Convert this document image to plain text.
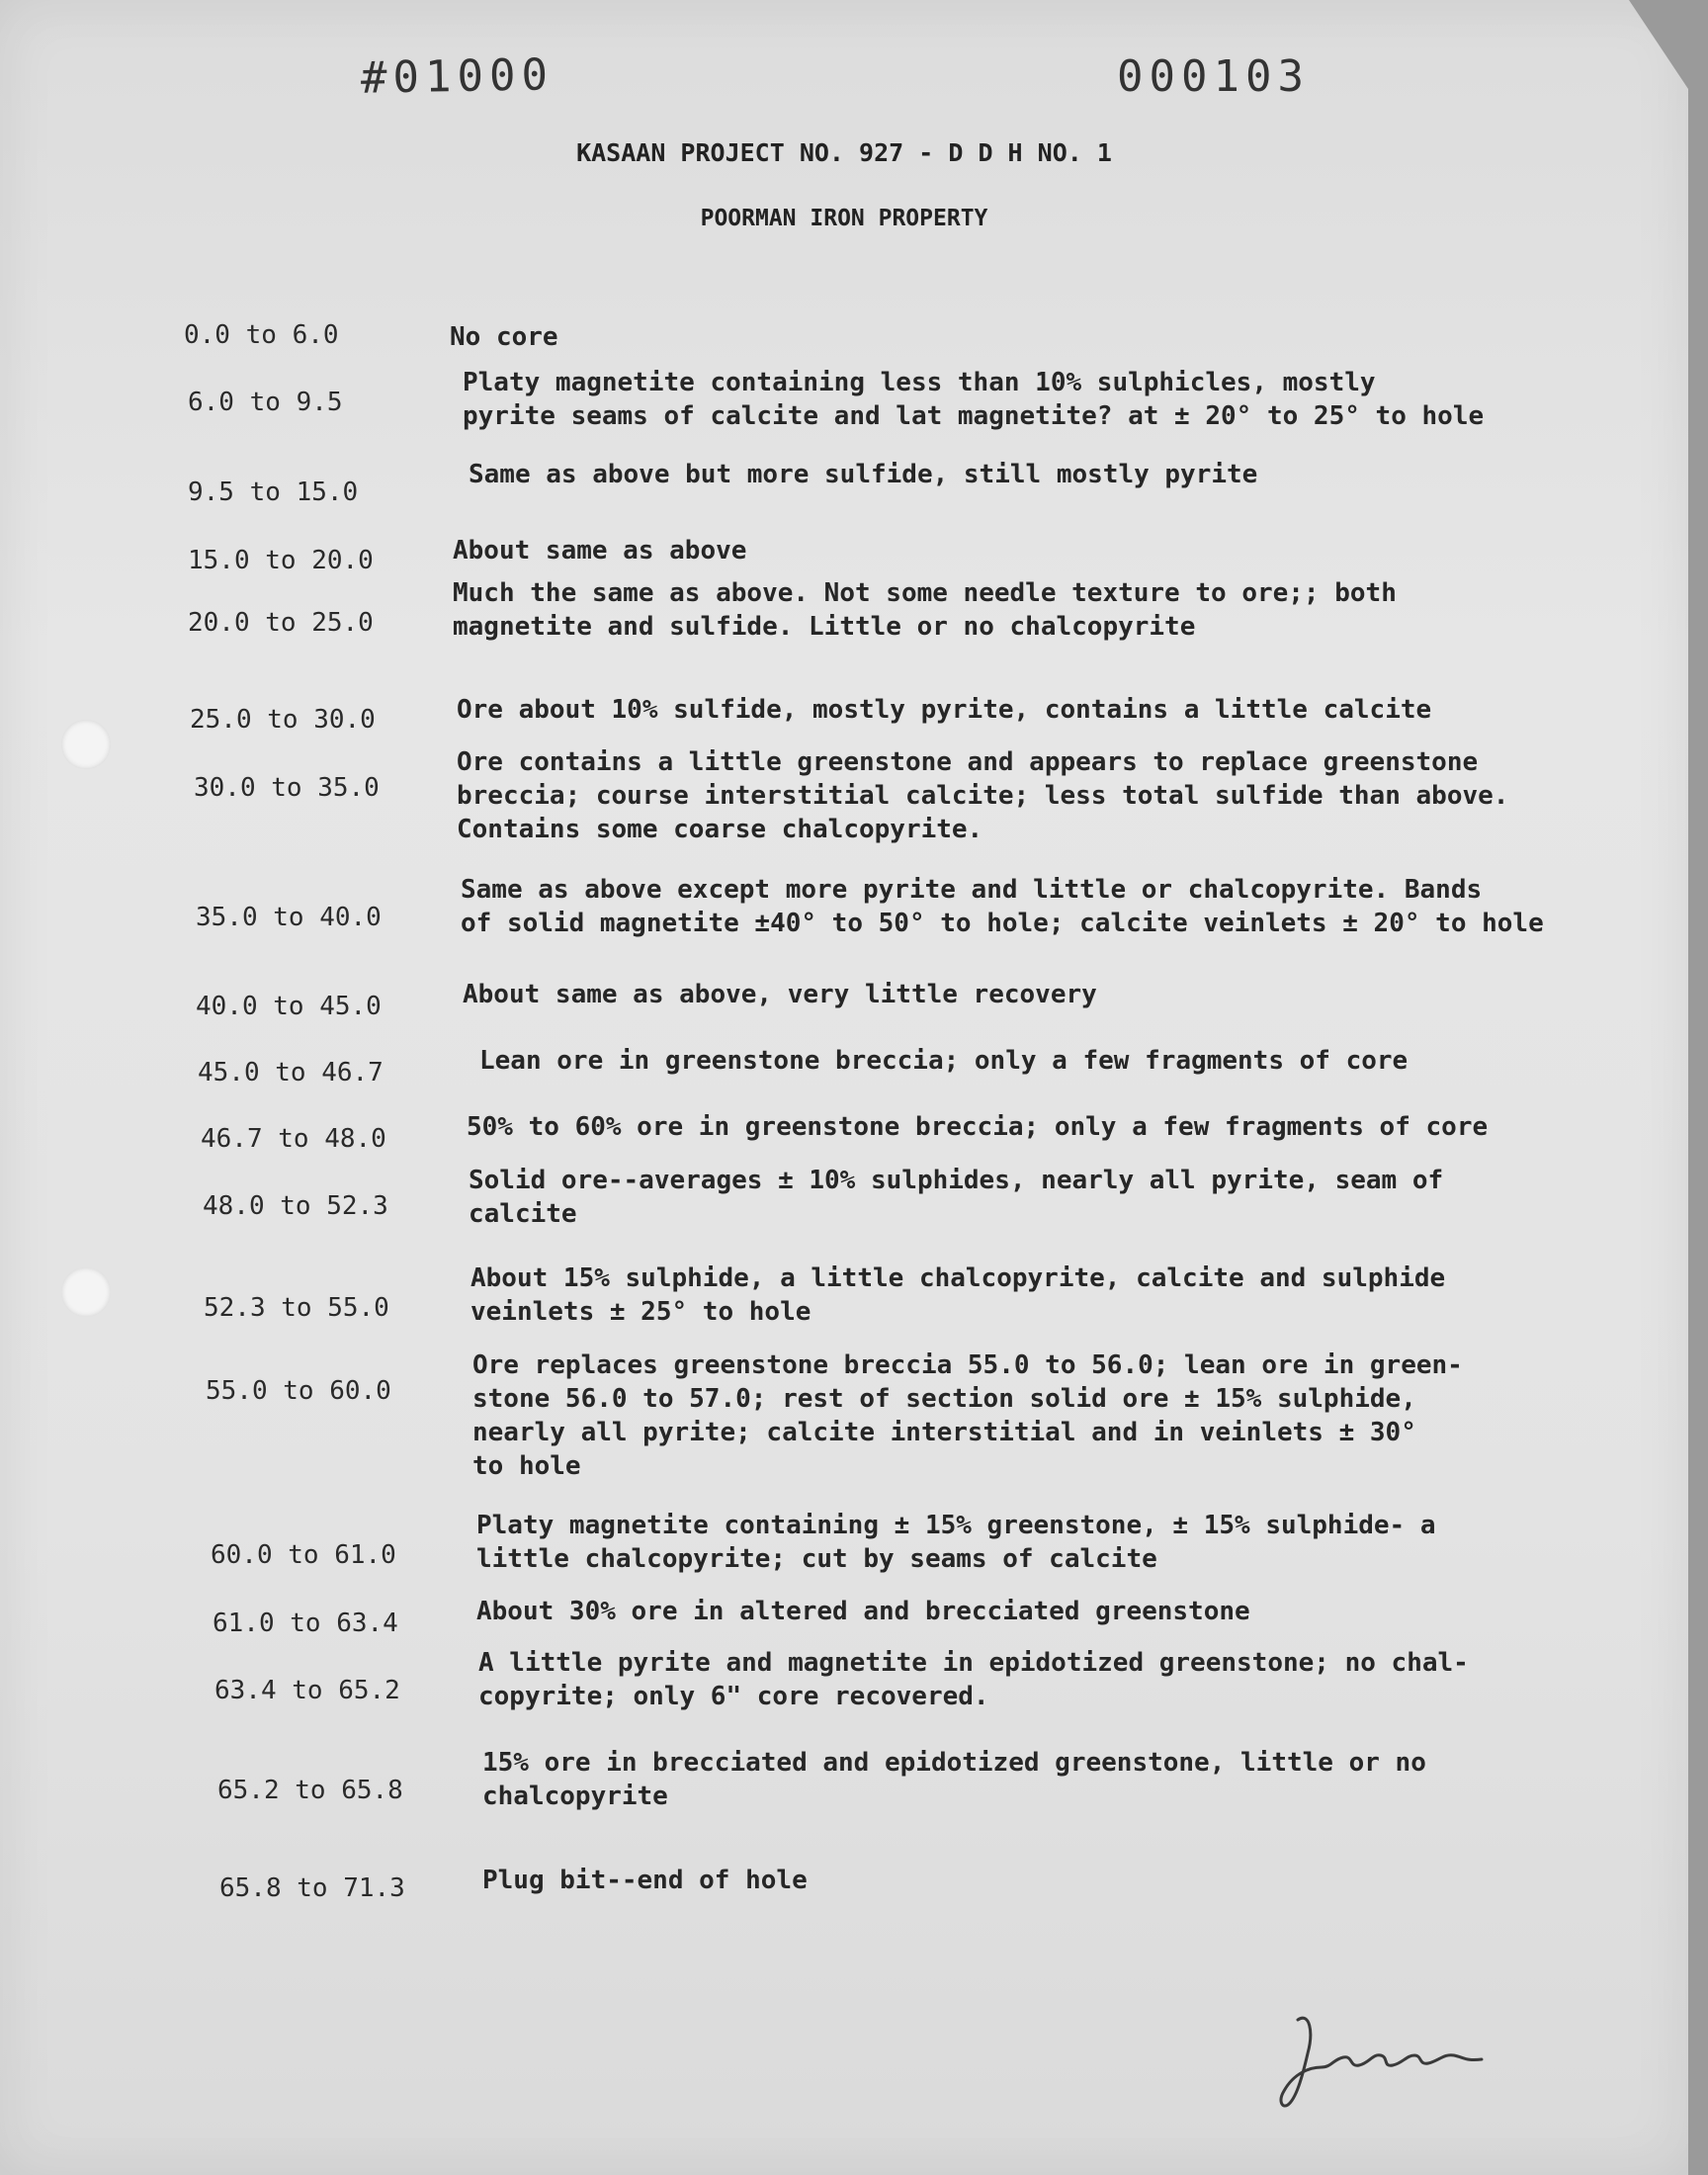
#01000	000103
KASAAN PROJECT NO. 927 - D D H NO. 1
POORMAN IRON PROPERTY
0.0 to 6.0	No core
6.0 to 9.5
Platy magnetite containing less than 10% sulphicles, mostly
pyrite seams of calcite and lat magnetite? at ± 20° to 25° to hole
9.5 to 15.0
Same as above but more sulfide, still mostly pyrite
15.0 to 20.0	About same as above
20.0 to 25.0
Much the same as above. Not some needle texture to ore;; both
magnetite and sulfide. Little or no chalcopyrite
25.0 to 30.0	Ore about 10% sulfide, mostly pyrite, contains a little calcite
30.0 to 35.0
Ore contains a little greenstone and appears to replace greenstone
breccia; course interstitial calcite; less total sulfide than above.
Contains some coarse chalcopyrite.
35.0 to 40.0
Same as above except more pyrite and little or chalcopyrite. Bands
of solid magnetite ±40° to 50° to hole; calcite veinlets ± 20° to hole
40.0 to 45.0	About same as above, very little recovery
45.0 to 46.7	Lean ore in greenstone breccia; only a few fragments of core
46.7 to 48.0	50% to 60% ore in greenstone breccia; only a few fragments of core
48.0 to 52.3
Solid ore--averages ± 10% sulphides, nearly all pyrite, seam of
calcite
52.3 to 55.0
About 15% sulphide, a little chalcopyrite, calcite and sulphide
veinlets ± 25° to hole
55.0 to 60.0
Ore replaces greenstone breccia 55.0 to 56.0; lean ore in green-
stone 56.0 to 57.0; rest of section solid ore ± 15% sulphide,
nearly all pyrite; calcite interstitial and in veinlets ± 30°
to hole
60.0 to 61.0
Platy magnetite containing ± 15% greenstone, ± 15% sulphide- a
little chalcopyrite; cut by seams of calcite
61.0 to 63.4	About 30% ore in altered and brecciated greenstone
63.4 to 65.2
A little pyrite and magnetite in epidotized greenstone; no chal-
copyrite; only 6" core recovered.
65.2 to 65.8
15% ore in brecciated and epidotized greenstone, little or no
chalcopyrite
65.8 to 71.3	Plug bit--end of hole
